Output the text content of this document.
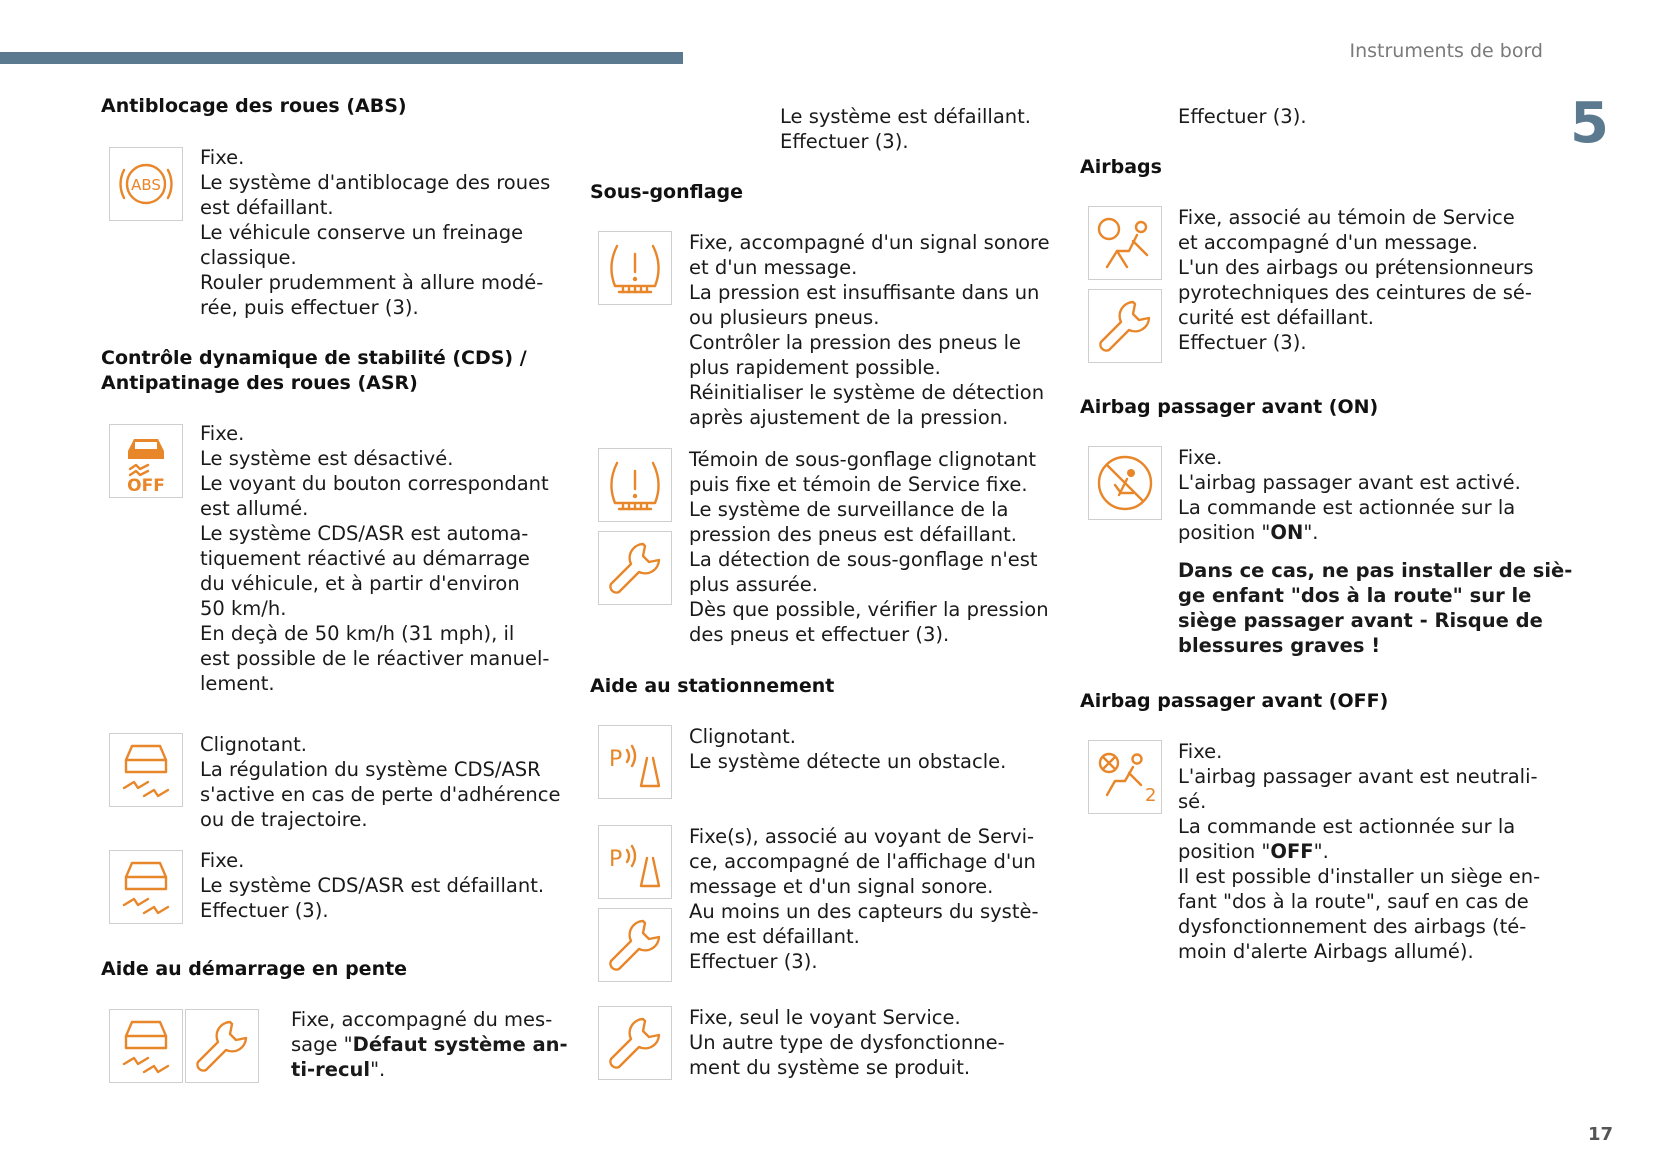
Instruments de bord
5
17
Antiblocage des roues (ABS)
ABS
Fixe.
Le système d'antiblocage des roues
est défaillant.
Le véhicule conserve un freinage
classique.
Rouler prudemment à allure modé-
rée, puis effectuer (3).
Contrôle dynamique de stabilité (CDS) /
Antipatinage des roues (ASR)
OFF
Fixe.
Le système est désactivé.
Le voyant du bouton correspondant
est allumé.
Le système CDS/ASR est automa-
tiquement réactivé au démarrage
du véhicule, et à partir d'environ
50 km/h.
En deçà de 50 km/h (31 mph), il
est possible de le réactiver manuel-
lement.
Clignotant.
La régulation du système CDS/ASR
s'active en cas de perte d'adhérence
ou de trajectoire.
Fixe.
Le système CDS/ASR est défaillant.
Effectuer (3).
Aide au démarrage en pente
Fixe, accompagné du mes-
sage "Défaut système an-
ti-recul".
Le système est défaillant.
Effectuer (3).
Sous-gonflage
Fixe, accompagné d'un signal sonore
et d'un message.
La pression est insuffisante dans un
ou plusieurs pneus.
Contrôler la pression des pneus le
plus rapidement possible.
Réinitialiser le système de détection
après ajustement de la pression.
Témoin de sous-gonflage clignotant
puis fixe et témoin de Service fixe.
Le système de surveillance de la
pression des pneus est défaillant.
La détection de sous-gonflage n'est
plus assurée.
Dès que possible, vérifier la pression
des pneus et effectuer (3).
Aide au stationnement
P
Clignotant.
Le système détecte un obstacle.
P
Fixe(s), associé au voyant de Servi-
ce, accompagné de l'affichage d'un
message et d'un signal sonore.
Au moins un des capteurs du systè-
me est défaillant.
Effectuer (3).
Fixe, seul le voyant Service.
Un autre type de dysfonctionne-
ment du système se produit.
Effectuer (3).
Airbags
Fixe, associé au témoin de Service
et accompagné d'un message.
L'un des airbags ou prétensionneurs
pyrotechniques des ceintures de sé-
curité est défaillant.
Effectuer (3).
Airbag passager avant (ON)
Fixe.
L'airbag passager avant est activé.
La commande est actionnée sur la
position "ON".
Dans ce cas, ne pas installer de siè-
ge enfant "dos à la route" sur le
siège passager avant - Risque de
blessures graves !
Airbag passager avant (OFF)
2
Fixe.
L'airbag passager avant est neutrali-
sé.
La commande est actionnée sur la
position "OFF".
Il est possible d'installer un siège en-
fant "dos à la route", sauf en cas de
dysfonctionnement des airbags (té-
moin d'alerte Airbags allumé).
